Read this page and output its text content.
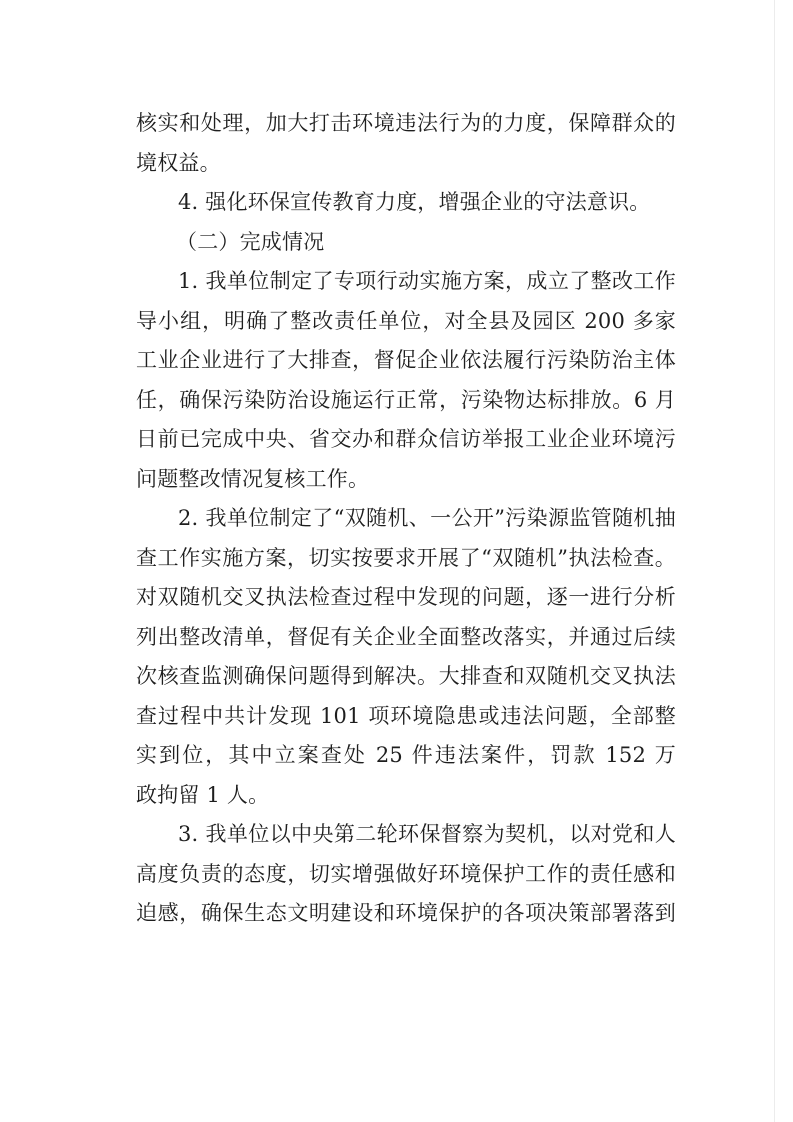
核实和处理，加大打击环境违法行为的力度，保障群众的
境权益。
4. 强化环保宣传教育力度，增强企业的守法意识。
（二）完成情况
1. 我单位制定了专项行动实施方案，成立了整改工作
导小组，明确了整改责任单位，对全县及园区 200 多家
工业企业进行了大排查，督促企业依法履行污染防治主体
任，确保污染防治设施运行正常，污染物达标排放。6 月
日前已完成中央、省交办和群众信访举报工业企业环境污
问题整改情况复核工作。
2. 我单位制定了“双随机、一公开”污染源监管随机抽
查工作实施方案，切实按要求开展了“双随机”执法检查。
对双随机交叉执法检查过程中发现的问题，逐一进行分析
列出整改清单，督促有关企业全面整改落实，并通过后续
次核查监测确保问题得到解决。大排查和双随机交叉执法
查过程中共计发现 101 项环境隐患或违法问题，全部整
实到位，其中立案查处 25 件违法案件，罚款 152 万
政拘留 1 人。
3. 我单位以中央第二轮环保督察为契机，以对党和人
高度负责的态度，切实增强做好环境保护工作的责任感和
迫感，确保生态文明建设和环境保护的各项决策部署落到
